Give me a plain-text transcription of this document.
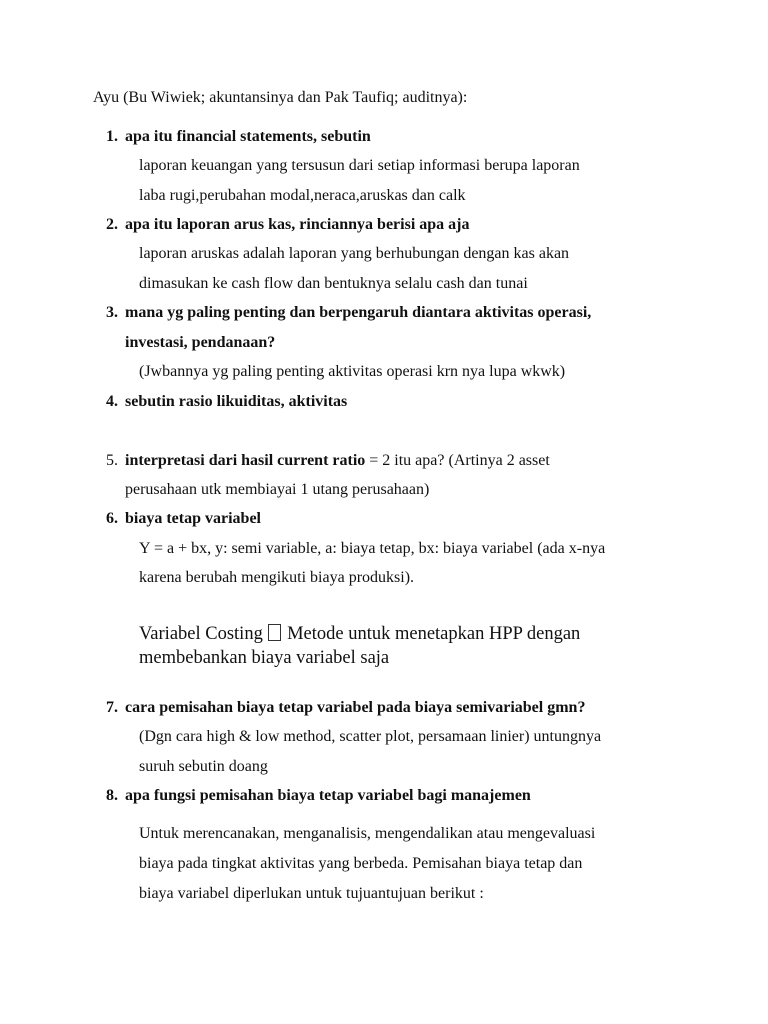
Ayu (Bu Wiwiek; akuntansinya dan Pak Taufiq; auditnya):
1. apa itu financial statements, sebutin
laporan keuangan yang tersusun dari setiap informasi berupa laporan
laba rugi,perubahan modal,neraca,aruskas dan calk
2. apa itu laporan arus kas, rinciannya berisi apa aja
laporan aruskas adalah laporan yang berhubungan dengan kas akan
dimasukan ke cash flow dan bentuknya selalu cash dan tunai
3. mana yg paling penting dan berpengaruh diantara aktivitas operasi,
investasi, pendanaan?
(Jwbannya yg paling penting aktivitas operasi krn nya lupa wkwk)
4. sebutin rasio likuiditas, aktivitas
5. interpretasi dari hasil current ratio = 2 itu apa? (Artinya 2 asset
perusahaan utk membiayai 1 utang perusahaan)
6. biaya tetap variabel
Y = a + bx, y: semi variable, a: biaya tetap, bx: biaya variabel (ada x-nya
karena berubah mengikuti biaya produksi).
Variabel Costing  Metode untuk menetapkan HPP dengan
membebankan biaya variabel saja
7. cara pemisahan biaya tetap variabel pada biaya semivariabel gmn?
(Dgn cara high & low method, scatter plot, persamaan linier) untungnya
suruh sebutin doang
8. apa fungsi pemisahan biaya tetap variabel bagi manajemen
Untuk merencanakan, menganalisis, mengendalikan atau mengevaluasi
biaya pada tingkat aktivitas yang berbeda. Pemisahan biaya tetap dan
biaya variabel diperlukan untuk tujuantujuan berikut :
